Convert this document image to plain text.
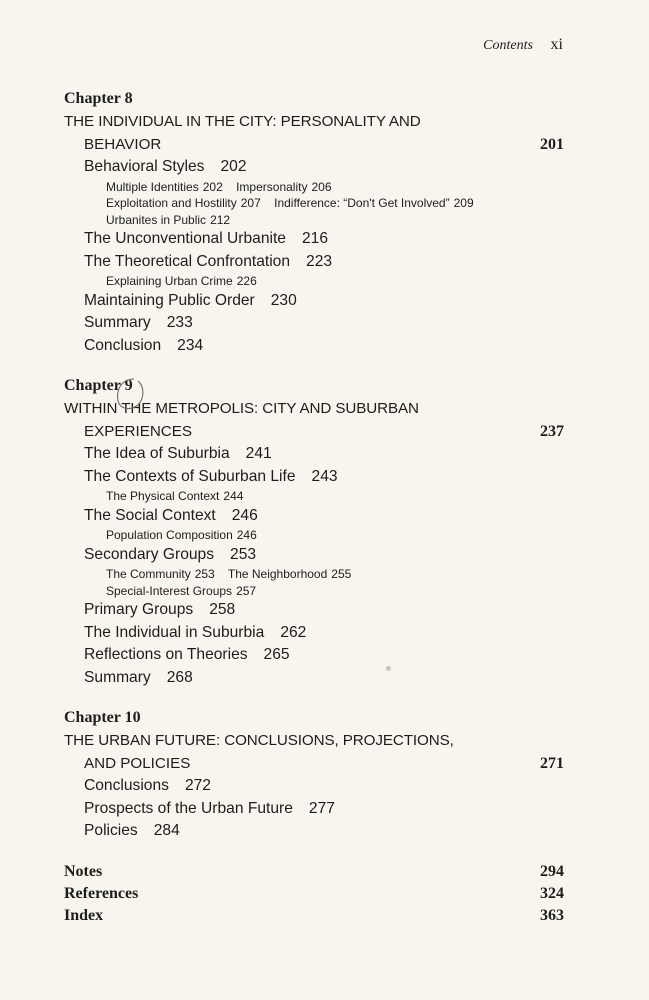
Contents xi
Chapter 8
THE INDIVIDUAL IN THE CITY: PERSONALITY AND
BEHAVIOR	201
Behavioral Styles 202
Multiple Identities 202 Impersonality 206 Exploitation and Hostility 207 Indifference: “Don't Get Involved” 209 Urbanites in Public 212
The Unconventional Urbanite 216
The Theoretical Confrontation 223
Explaining Urban Crime 226
Maintaining Public Order 230
Summary 233
Conclusion 234
Chapter 9
WITHIN THE METROPOLIS: CITY AND SUBURBAN
EXPERIENCES	237
The Idea of Suburbia 241
The Contexts of Suburban Life 243
The Physical Context 244
The Social Context 246
Population Composition 246
Secondary Groups 253
The Community 253 The Neighborhood 255 Special-Interest Groups 257
Primary Groups 258
The Individual in Suburbia 262
Reflections on Theories 265
Summary 268
Chapter 10
THE URBAN FUTURE: CONCLUSIONS, PROJECTIONS,
AND POLICIES	271
Conclusions 272
Prospects of the Urban Future 277
Policies 284
Notes	294
References	324
Index	363
